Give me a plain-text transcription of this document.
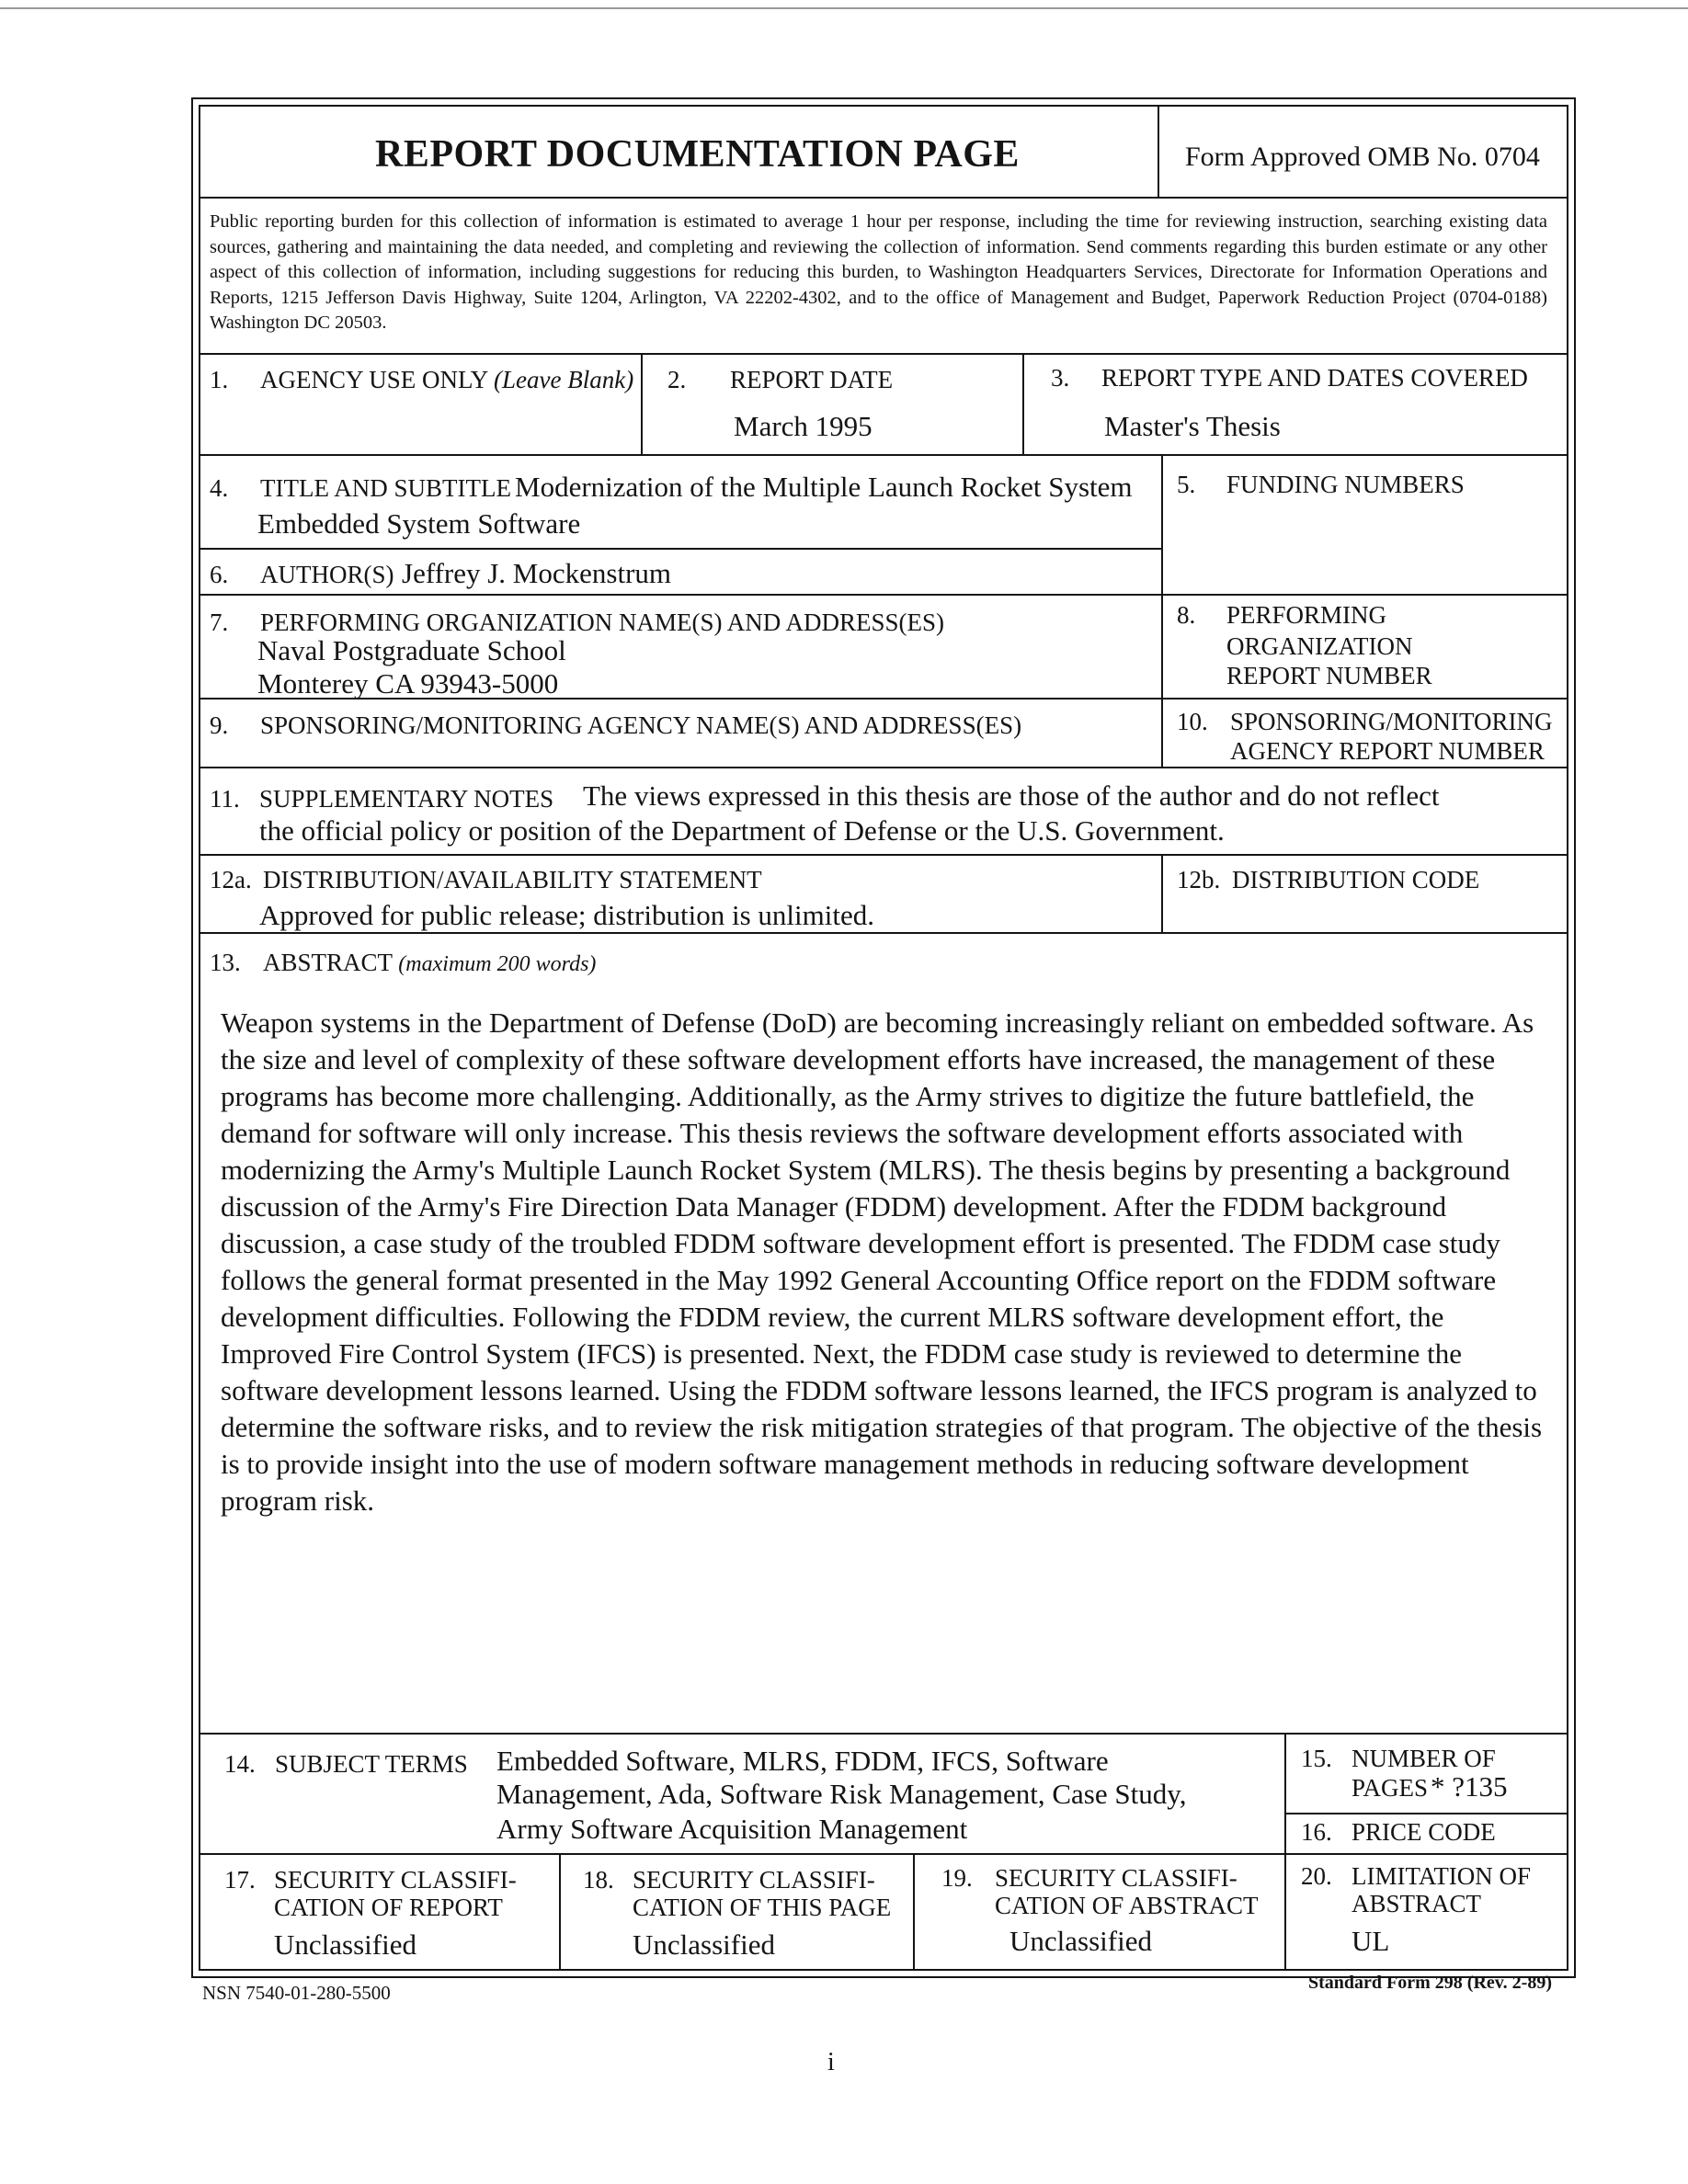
REPORT DOCUMENTATION PAGE	Form Approved OMB No. 0704
Public reporting burden for this collection of information is estimated to average 1 hour per response, including the time for reviewing instruction, searching existing data sources, gathering and maintaining the data needed, and completing and reviewing the collection of information. Send comments regarding this burden estimate or any other aspect of this collection of information, including suggestions for reducing this burden, to Washington Headquarters Services, Directorate for Information Operations and Reports, 1215 Jefferson Davis Highway, Suite 1204, Arlington, VA 22202-4302, and to the office of Management and Budget, Paperwork Reduction Project (0704-0188) Washington DC 20503.
1. AGENCY USE ONLY (Leave Blank) 2. REPORT DATE
March 1995
3. REPORT TYPE AND DATES COVERED
Master's Thesis
4. TITLE AND SUBTITLE Modernization of the Multiple Launch Rocket System
Embedded System Software
5. FUNDING NUMBERS
6. AUTHOR(S) Jeffrey J. Mockenstrum
7. PERFORMING ORGANIZATION NAME(S) AND ADDRESS(ES)
Naval Postgraduate School
Monterey CA 93943-5000
8. PERFORMING
ORGANIZATION
REPORT NUMBER
9. SPONSORING/MONITORING AGENCY NAME(S) AND ADDRESS(ES)	10. SPONSORING/MONITORING
AGENCY REPORT NUMBER
11. SUPPLEMENTARY NOTES The views expressed in this thesis are those of the author and do not reflect
the official policy or position of the Department of Defense or the U.S. Government.
12a. DISTRIBUTION/AVAILABILITY STATEMENT
Approved for public release; distribution is unlimited.
12b. DISTRIBUTION CODE
13. ABSTRACT (maximum 200 words)
Weapon systems in the Department of Defense (DoD) are becoming increasingly reliant on embedded software. As the size and level of complexity of these software development efforts have increased, the management of these programs has become more challenging. Additionally, as the Army strives to digitize the future battlefield, the demand for software will only increase. This thesis reviews the software development efforts associated with modernizing the Army's Multiple Launch Rocket System (MLRS). The thesis begins by presenting a background discussion of the Army's Fire Direction Data Manager (FDDM) development. After the FDDM background discussion, a case study of the troubled FDDM software development effort is presented. The FDDM case study follows the general format presented in the May 1992 General Accounting Office report on the FDDM software development difficulties. Following the FDDM review, the current MLRS software development effort, the Improved Fire Control System (IFCS) is presented. Next, the FDDM case study is reviewed to determine the software development lessons learned. Using the FDDM software lessons learned, the IFCS program is analyzed to determine the software risks, and to review the risk mitigation strategies of that program. The objective of the thesis is to provide insight into the use of modern software management methods in reducing software development program risk.
14. SUBJECT TERMS Embedded Software, MLRS, FDDM, IFCS, Software
Management, Ada, Software Risk Management, Case Study,
Army Software Acquisition Management
15. NUMBER OF
PAGES * ?135
16. PRICE CODE
17. SECURITY CLASSIFI-
CATION OF REPORT
Unclassified
18. SECURITY CLASSIFI-
CATION OF THIS PAGE
Unclassified
19. SECURITY CLASSIFI-
CATION OF ABSTRACT
Unclassified
20. LIMITATION OF
ABSTRACT
UL
NSN 7540-01-280-5500	Standard Form 298 (Rev. 2-89)
i
